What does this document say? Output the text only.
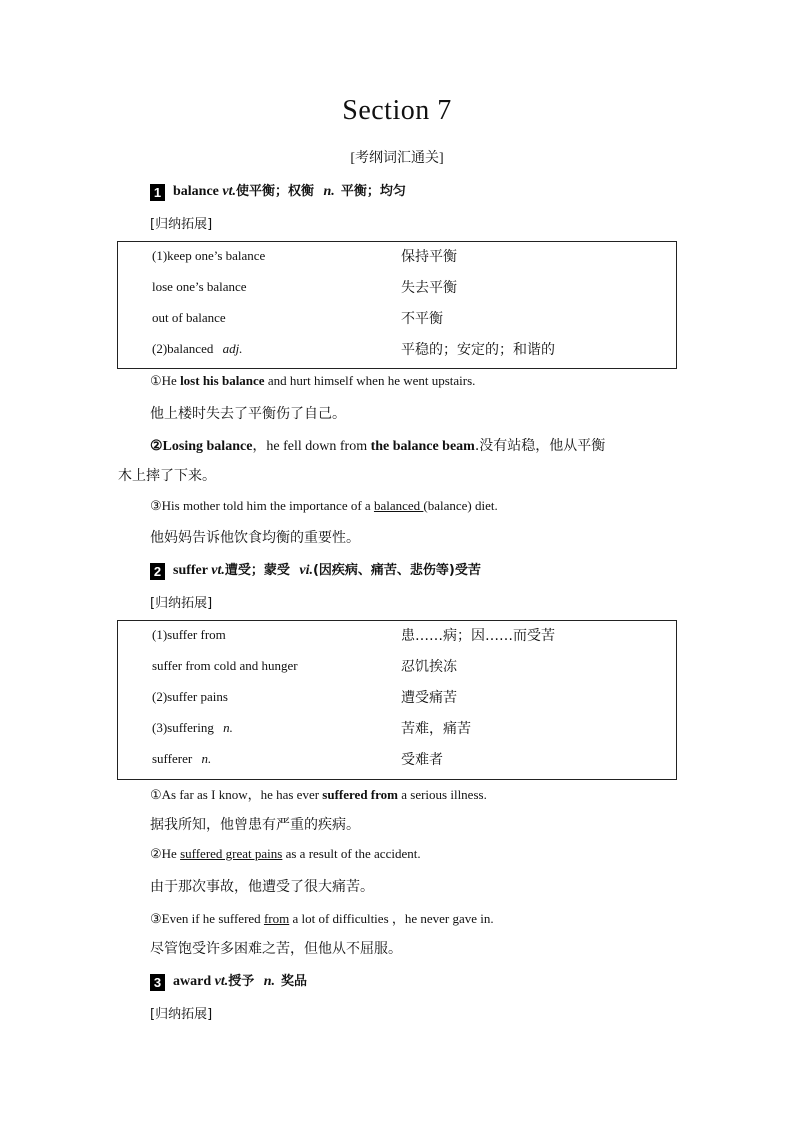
Section 7
[考纲词汇通关]
1 balance vt.使平衡；权衡 n. 平衡；均匀
[归纳拓展]
(1)keep one’s balance	保持平衡
lose one’s balance	失去平衡
out of balance	不平衡
(2)balanced adj.	平稳的；安定的；和谐的
①He lost his balance and hurt himself when he went upstairs.
他上楼时失去了平衡伤了自己。
②Losing balance，he fell down from the balance beam.没有站稳，他从平衡
木上摔了下来。
③His mother told him the importance of a balanced (balance) diet.
他妈妈告诉他饮食均衡的重要性。
2 suffer vt.遭受；蒙受 vi.(因疾病、痛苦、悲伤等)受苦
[归纳拓展]
(1)suffer from	患……病；因……而受苦
suffer from cold and hunger	忍饥挨冻
(2)suffer pains	遭受痛苦
(3)suffering n.	苦难，痛苦
sufferer n.	受难者
①As far as I know，he has ever suffered from a serious illness.
据我所知，他曾患有严重的疾病。
②He suffered great pains as a result of the accident.
由于那次事故，他遭受了很大痛苦。
③Even if he suffered from a lot of difficulties ，he never gave in.
尽管饱受许多困难之苦，但他从不屈服。
3 award vt.授予 n. 奖品
[归纳拓展]
